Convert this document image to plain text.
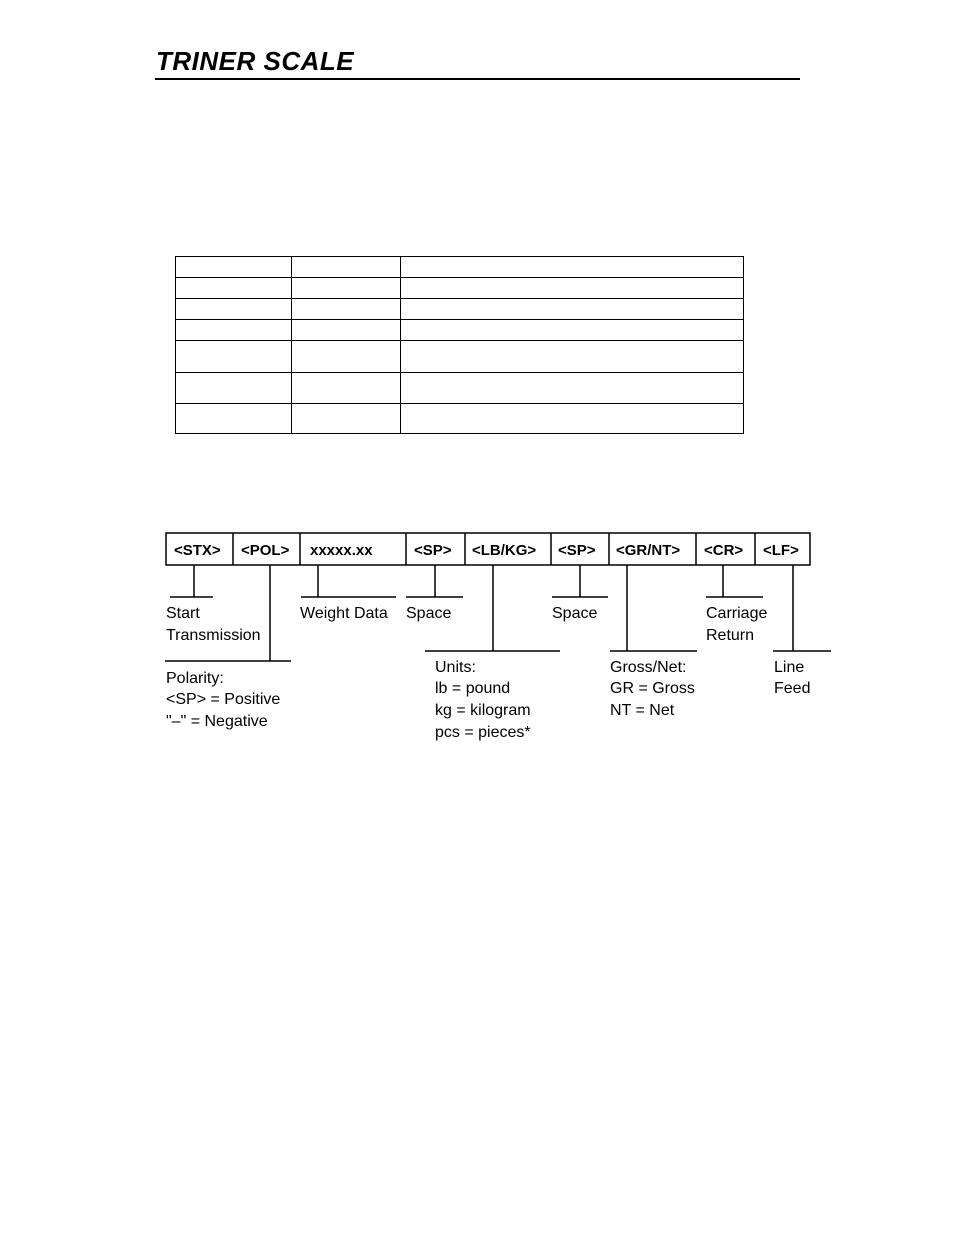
TRINER SCALE

<STX> <POL> xxxxx.xx	<SP> <LB/KG> <SP> <GR/NT> <CR> <LF>
Start
Transmission
Polarity:
<SP> = Positive
"–" = Negative
Weight Data Space
Units:
lb = pound
kg = kilogram
pcs = pieces*
Space
Gross/Net:
GR = Gross
NT = Net
Carriage
Return
Line
Feed
